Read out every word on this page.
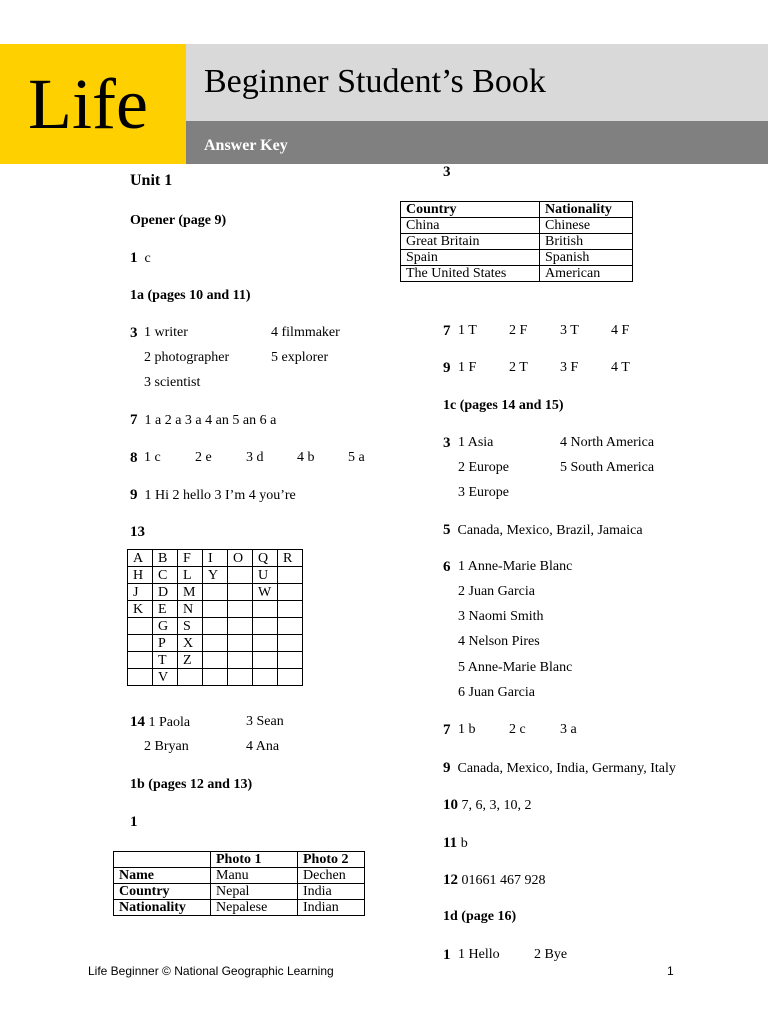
Life Beginner Student’s Book
Answer Key
Unit 1
Opener (page 9)
1 c
1a (pages 10 and 11)
3 1 writer	4 filmmaker
2 photographer	5 explorer
3 scientist
7 1 a 2 a 3 a 4 an 5 an 6 a
8 1 c 2 e 3 d 4 b 5 a
9 1 Hi 2 hello 3 I’m 4 you’re
13
A	B	F	I	O	Q	R
H	C	L	Y		U	
J	D	M			W	
K	E	N				
	G	S				
	P	X				
	T	Z				
	V					
14 1 Paola	3 Sean
2 Bryan	4 Ana
1b (pages 12 and 13)
1
	Photo 1	Photo 2
Name	Manu	Dechen
Country	Nepal	India
Nationality	Nepalese	Indian
3
Country	Nationality
China	Chinese
Great Britain	British
Spain	Spanish
The United States	American
7 1 T 2 F 3 T 4 F
9 1 F 2 T 3 F 4 T
1c (pages 14 and 15)
3 1 Asia	4 North America
2 Europe	5 South America
3 Europe
5 Canada, Mexico, Brazil, Jamaica
6 1 Anne-Marie Blanc
2 Juan Garcia
3 Naomi Smith
4 Nelson Pires
5 Anne-Marie Blanc
6 Juan Garcia
7 1 b 2 c 3 a
9 Canada, Mexico, India, Germany, Italy
10 7, 6, 3, 10, 2
11 b
12 01661 467 928
1d (page 16)
1 1 Hello 2 Bye
Life Beginner © National Geographic Learning	1
